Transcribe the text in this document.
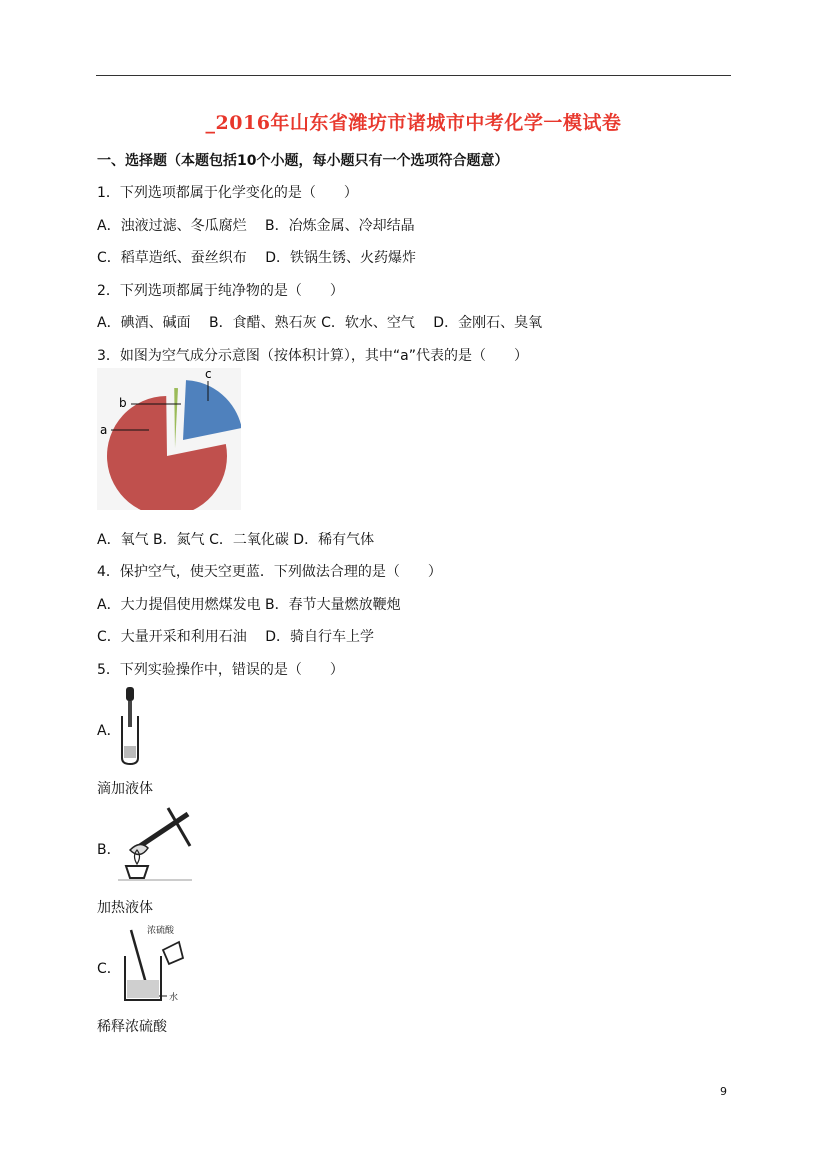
_2016年山东省潍坊市诸城市中考化学一模试卷
一、选择题（本题包括10个小题，每小题只有一个选项符合题意）
1．下列选项都属于化学变化的是（　　）
A．浊液过滤、冬瓜腐烂　 B．冶炼金属、冷却结晶
C．稻草造纸、蚕丝织布　 D．铁锅生锈、火药爆炸
2．下列选项都属于纯净物的是（　　）
A．碘酒、碱面　 B．食醋、熟石灰 C．软水、空气　 D．金刚石、臭氧
3．如图为空气成分示意图（按体积计算），其中“a”代表的是（　　）
a
b
c
A．氧气 B．氮气 C．二氧化碳 D．稀有气体
4．保护空气，使天空更蓝．下列做法合理的是（　　）
A．大力提倡使用燃煤发电 B．春节大量燃放鞭炮
C．大量开采和利用石油　 D．骑自行车上学
5．下列实验操作中，错误的是（　　）
A．
滴加液体
B．
加热液体
C．
浓硫酸
水
稀释浓硫酸
9
